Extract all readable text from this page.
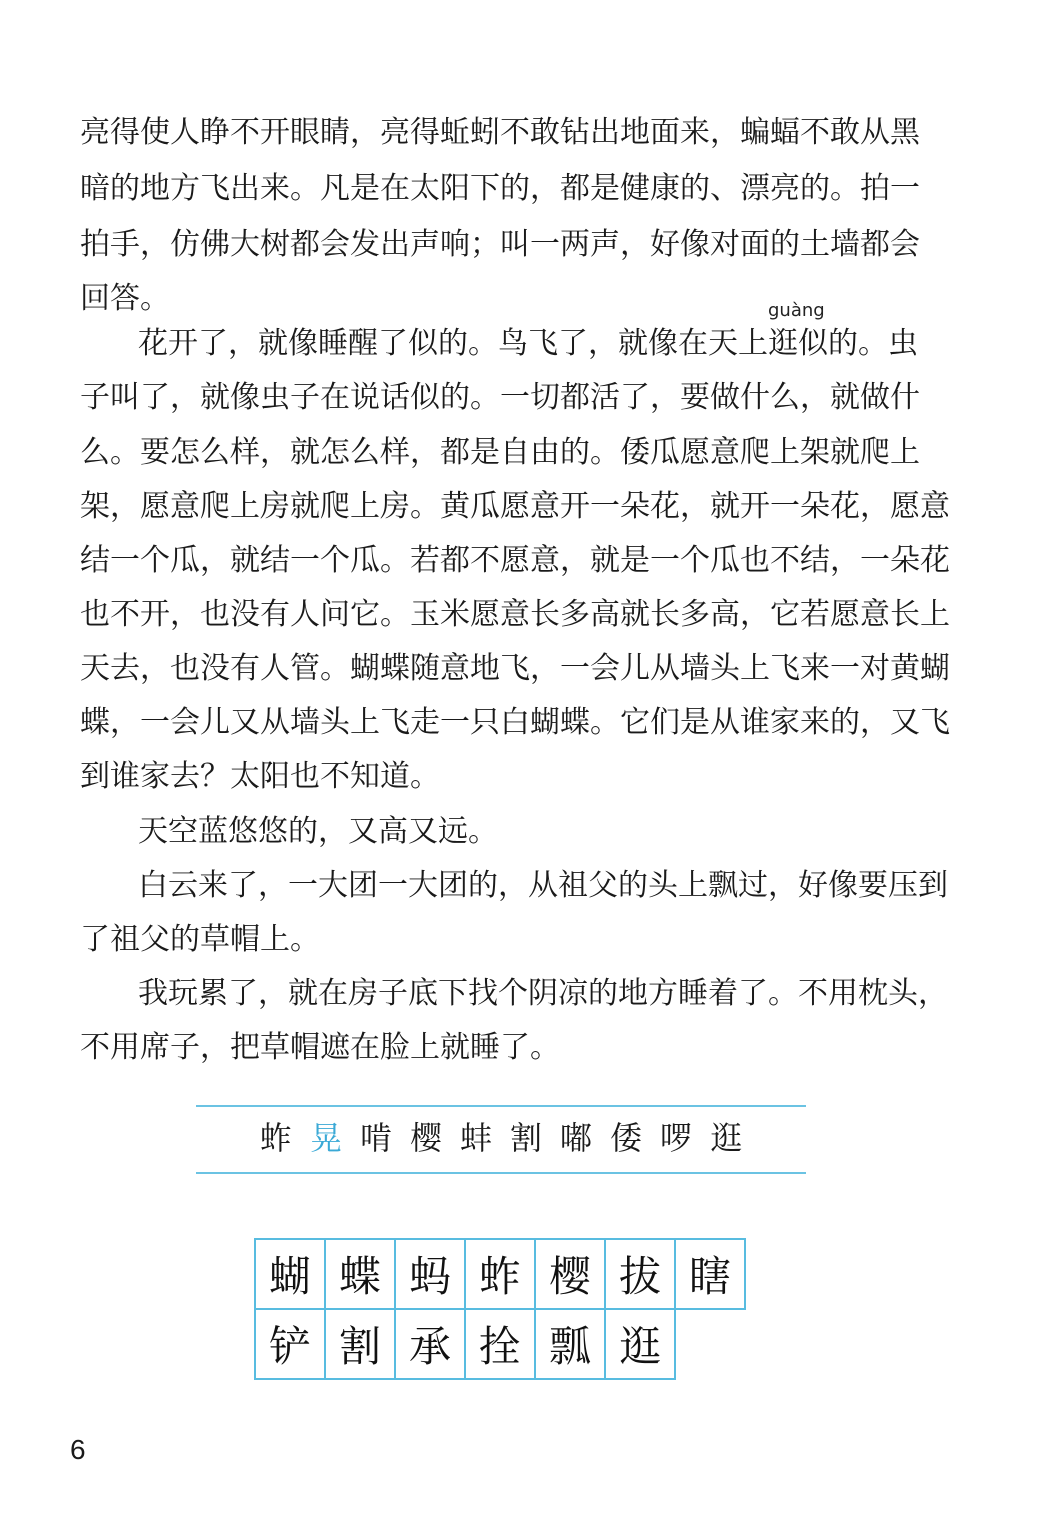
亮得使人睁不开眼睛，亮得蚯蚓不敢钻出地面来，蝙蝠不敢从黑
暗的地方飞出来。凡是在太阳下的，都是健康的、漂亮的。拍一
拍手，仿佛大树都会发出声响；叫一两声，好像对面的土墙都会
回答。	guàng
花开了，就像睡醒了似的。鸟飞了，就像在天上逛似的。虫
子叫了，就像虫子在说话似的。一切都活了，要做什么，就做什
么。要怎么样，就怎么样，都是自由的。倭瓜愿意爬上架就爬上
架，愿意爬上房就爬上房。黄瓜愿意开一朵花，就开一朵花，愿意
结一个瓜，就结一个瓜。若都不愿意，就是一个瓜也不结，一朵花
也不开，也没有人问它。玉米愿意长多高就长多高，它若愿意长上
天去，也没有人管。蝴蝶随意地飞，一会儿从墙头上飞来一对黄蝴
蝶，一会儿又从墙头上飞走一只白蝴蝶。它们是从谁家来的，又飞
到谁家去？太阳也不知道。
天空蓝悠悠的，又高又远。
白云来了，一大团一大团的，从祖父的头上飘过，好像要压到
了祖父的草帽上。
我玩累了，就在房子底下找个阴凉的地方睡着了。不用枕头，
不用席子，把草帽遮在脸上就睡了。
蚱 晃 啃 樱 蚌 割 嘟 倭 啰 逛
蝴	蝶	蚂	蚱	樱	拔	瞎
铲	割	承	拴	瓢	逛	
6
